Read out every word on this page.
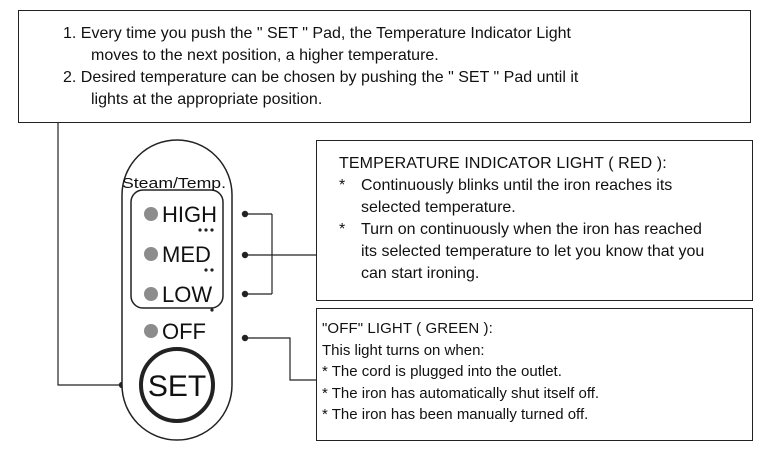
Steam/Temp.
HIGH
MED
LOW
OFF
SET
1. Every time you push the " SET " Pad, the Temperature Indicator Light
moves to the next position, a higher temperature.
2. Desired temperature can be chosen by pushing the " SET " Pad until it
lights at the appropriate position.
TEMPERATURE INDICATOR LIGHT ( RED ):
* Continuously blinks until the iron reaches its
selected temperature.
* Turn on continuously when the iron has reached
its selected temperature to let you know that you
can start ironing.
"OFF" LIGHT ( GREEN ):
This light turns on when:
* The cord is plugged into the outlet.
* The iron has automatically shut itself off.
* The iron has been manually turned off.
